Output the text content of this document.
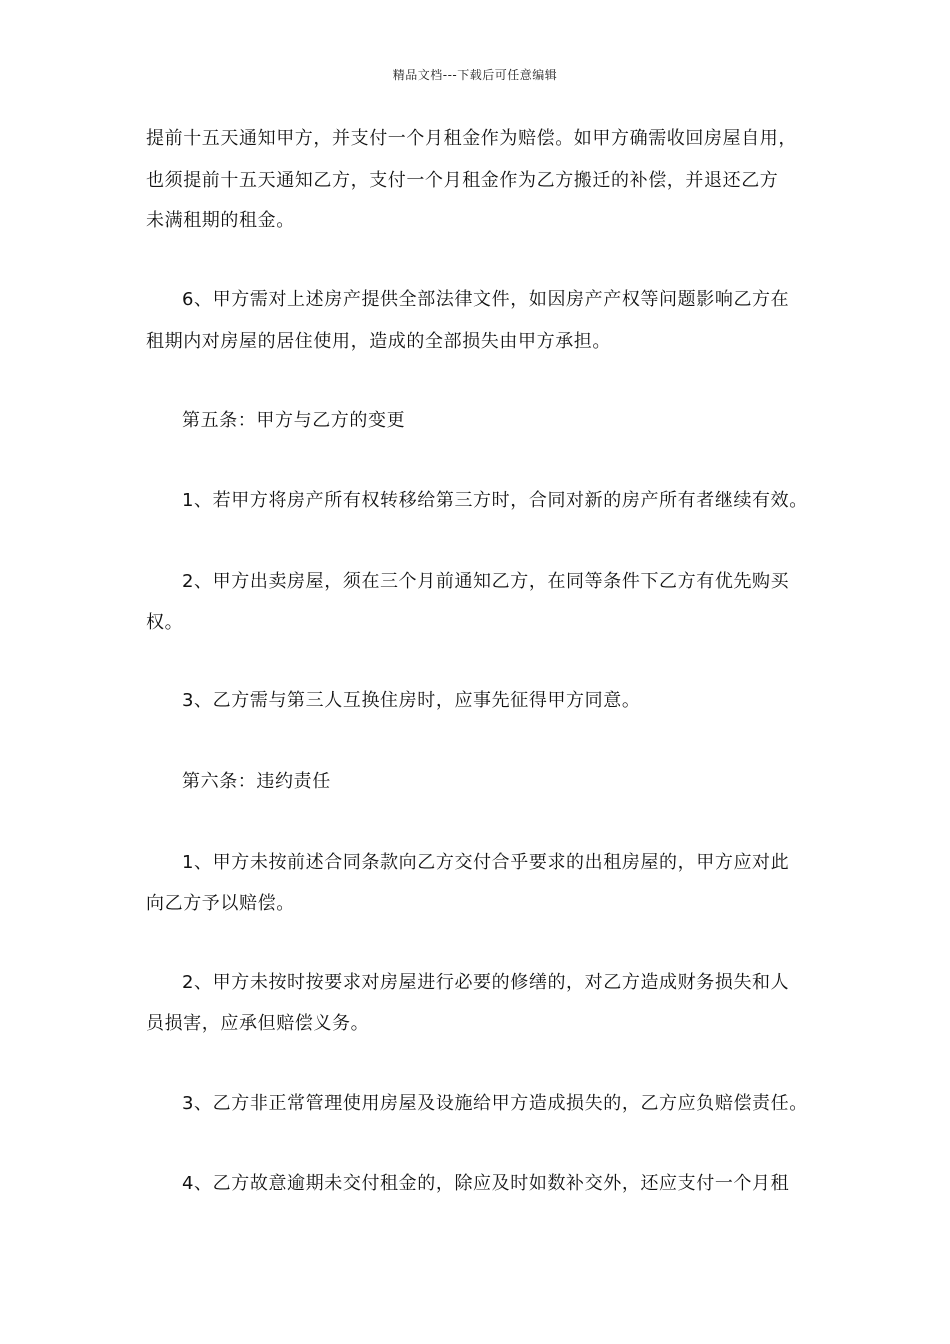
精品文档---下载后可任意编辑
提前十五天通知甲方，并支付一个月租金作为赔偿。如甲方确需收回房屋自用，
也须提前十五天通知乙方，支付一个月租金作为乙方搬迁的补偿，并退还乙方
未满租期的租金。
6、甲方需对上述房产提供全部法律文件，如因房产产权等问题影响乙方在
租期内对房屋的居住使用，造成的全部损失由甲方承担。
第五条：甲方与乙方的变更
1、若甲方将房产所有权转移给第三方时，合同对新的房产所有者继续有效。
2、甲方出卖房屋，须在三个月前通知乙方，在同等条件下乙方有优先购买
权。
3、乙方需与第三人互换住房时，应事先征得甲方同意。
第六条：违约责任
1、甲方未按前述合同条款向乙方交付合乎要求的出租房屋的，甲方应对此
向乙方予以赔偿。
2、甲方未按时按要求对房屋进行必要的修缮的，对乙方造成财务损失和人
员损害，应承但赔偿义务。
3、乙方非正常管理使用房屋及设施给甲方造成损失的，乙方应负赔偿责任。
4、乙方故意逾期未交付租金的，除应及时如数补交外，还应支付一个月租
